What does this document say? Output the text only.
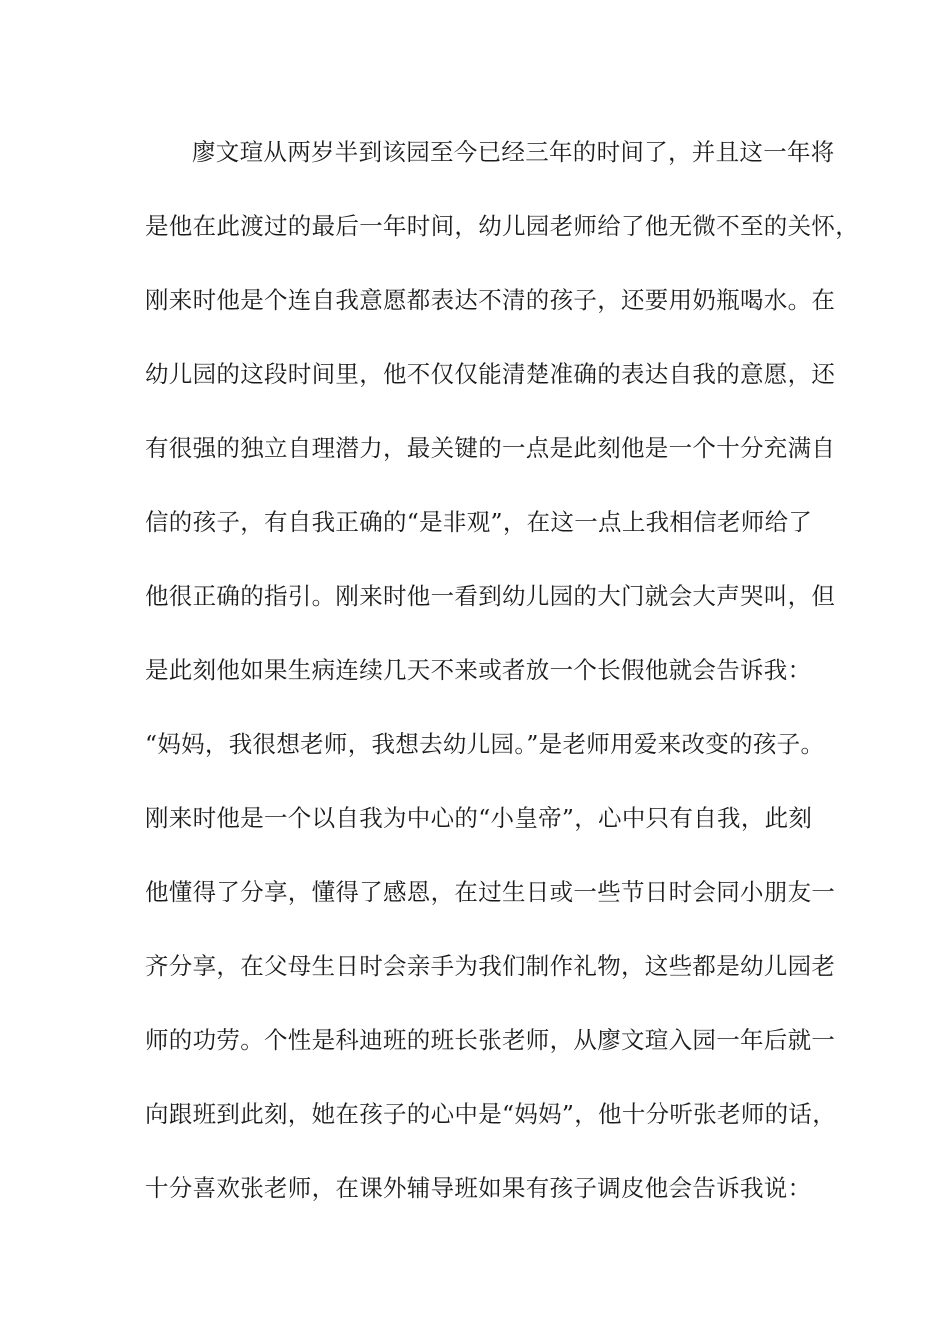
廖文瑄从两岁半到该园至今已经三年的时间了，并且这一年将
是他在此渡过的最后一年时间，幼儿园老师给了他无微不至的关怀，
刚来时他是个连自我意愿都表达不清的孩子，还要用奶瓶喝水。在
幼儿园的这段时间里，他不仅仅能清楚准确的表达自我的意愿，还
有很强的独立自理潜力，最关键的一点是此刻他是一个十分充满自
信的孩子，有自我正确的“是非观”，在这一点上我相信老师给了
他很正确的指引。刚来时他一看到幼儿园的大门就会大声哭叫，但
是此刻他如果生病连续几天不来或者放一个长假他就会告诉我：
“妈妈，我很想老师，我想去幼儿园。”是老师用爱来改变的孩子。
刚来时他是一个以自我为中心的“小皇帝”，心中只有自我，此刻
他懂得了分享，懂得了感恩，在过生日或一些节日时会同小朋友一
齐分享，在父母生日时会亲手为我们制作礼物，这些都是幼儿园老
师的功劳。个性是科迪班的班长张老师，从廖文瑄入园一年后就一
向跟班到此刻，她在孩子的心中是“妈妈”，他十分听张老师的话，
十分喜欢张老师，在课外辅导班如果有孩子调皮他会告诉我说：
